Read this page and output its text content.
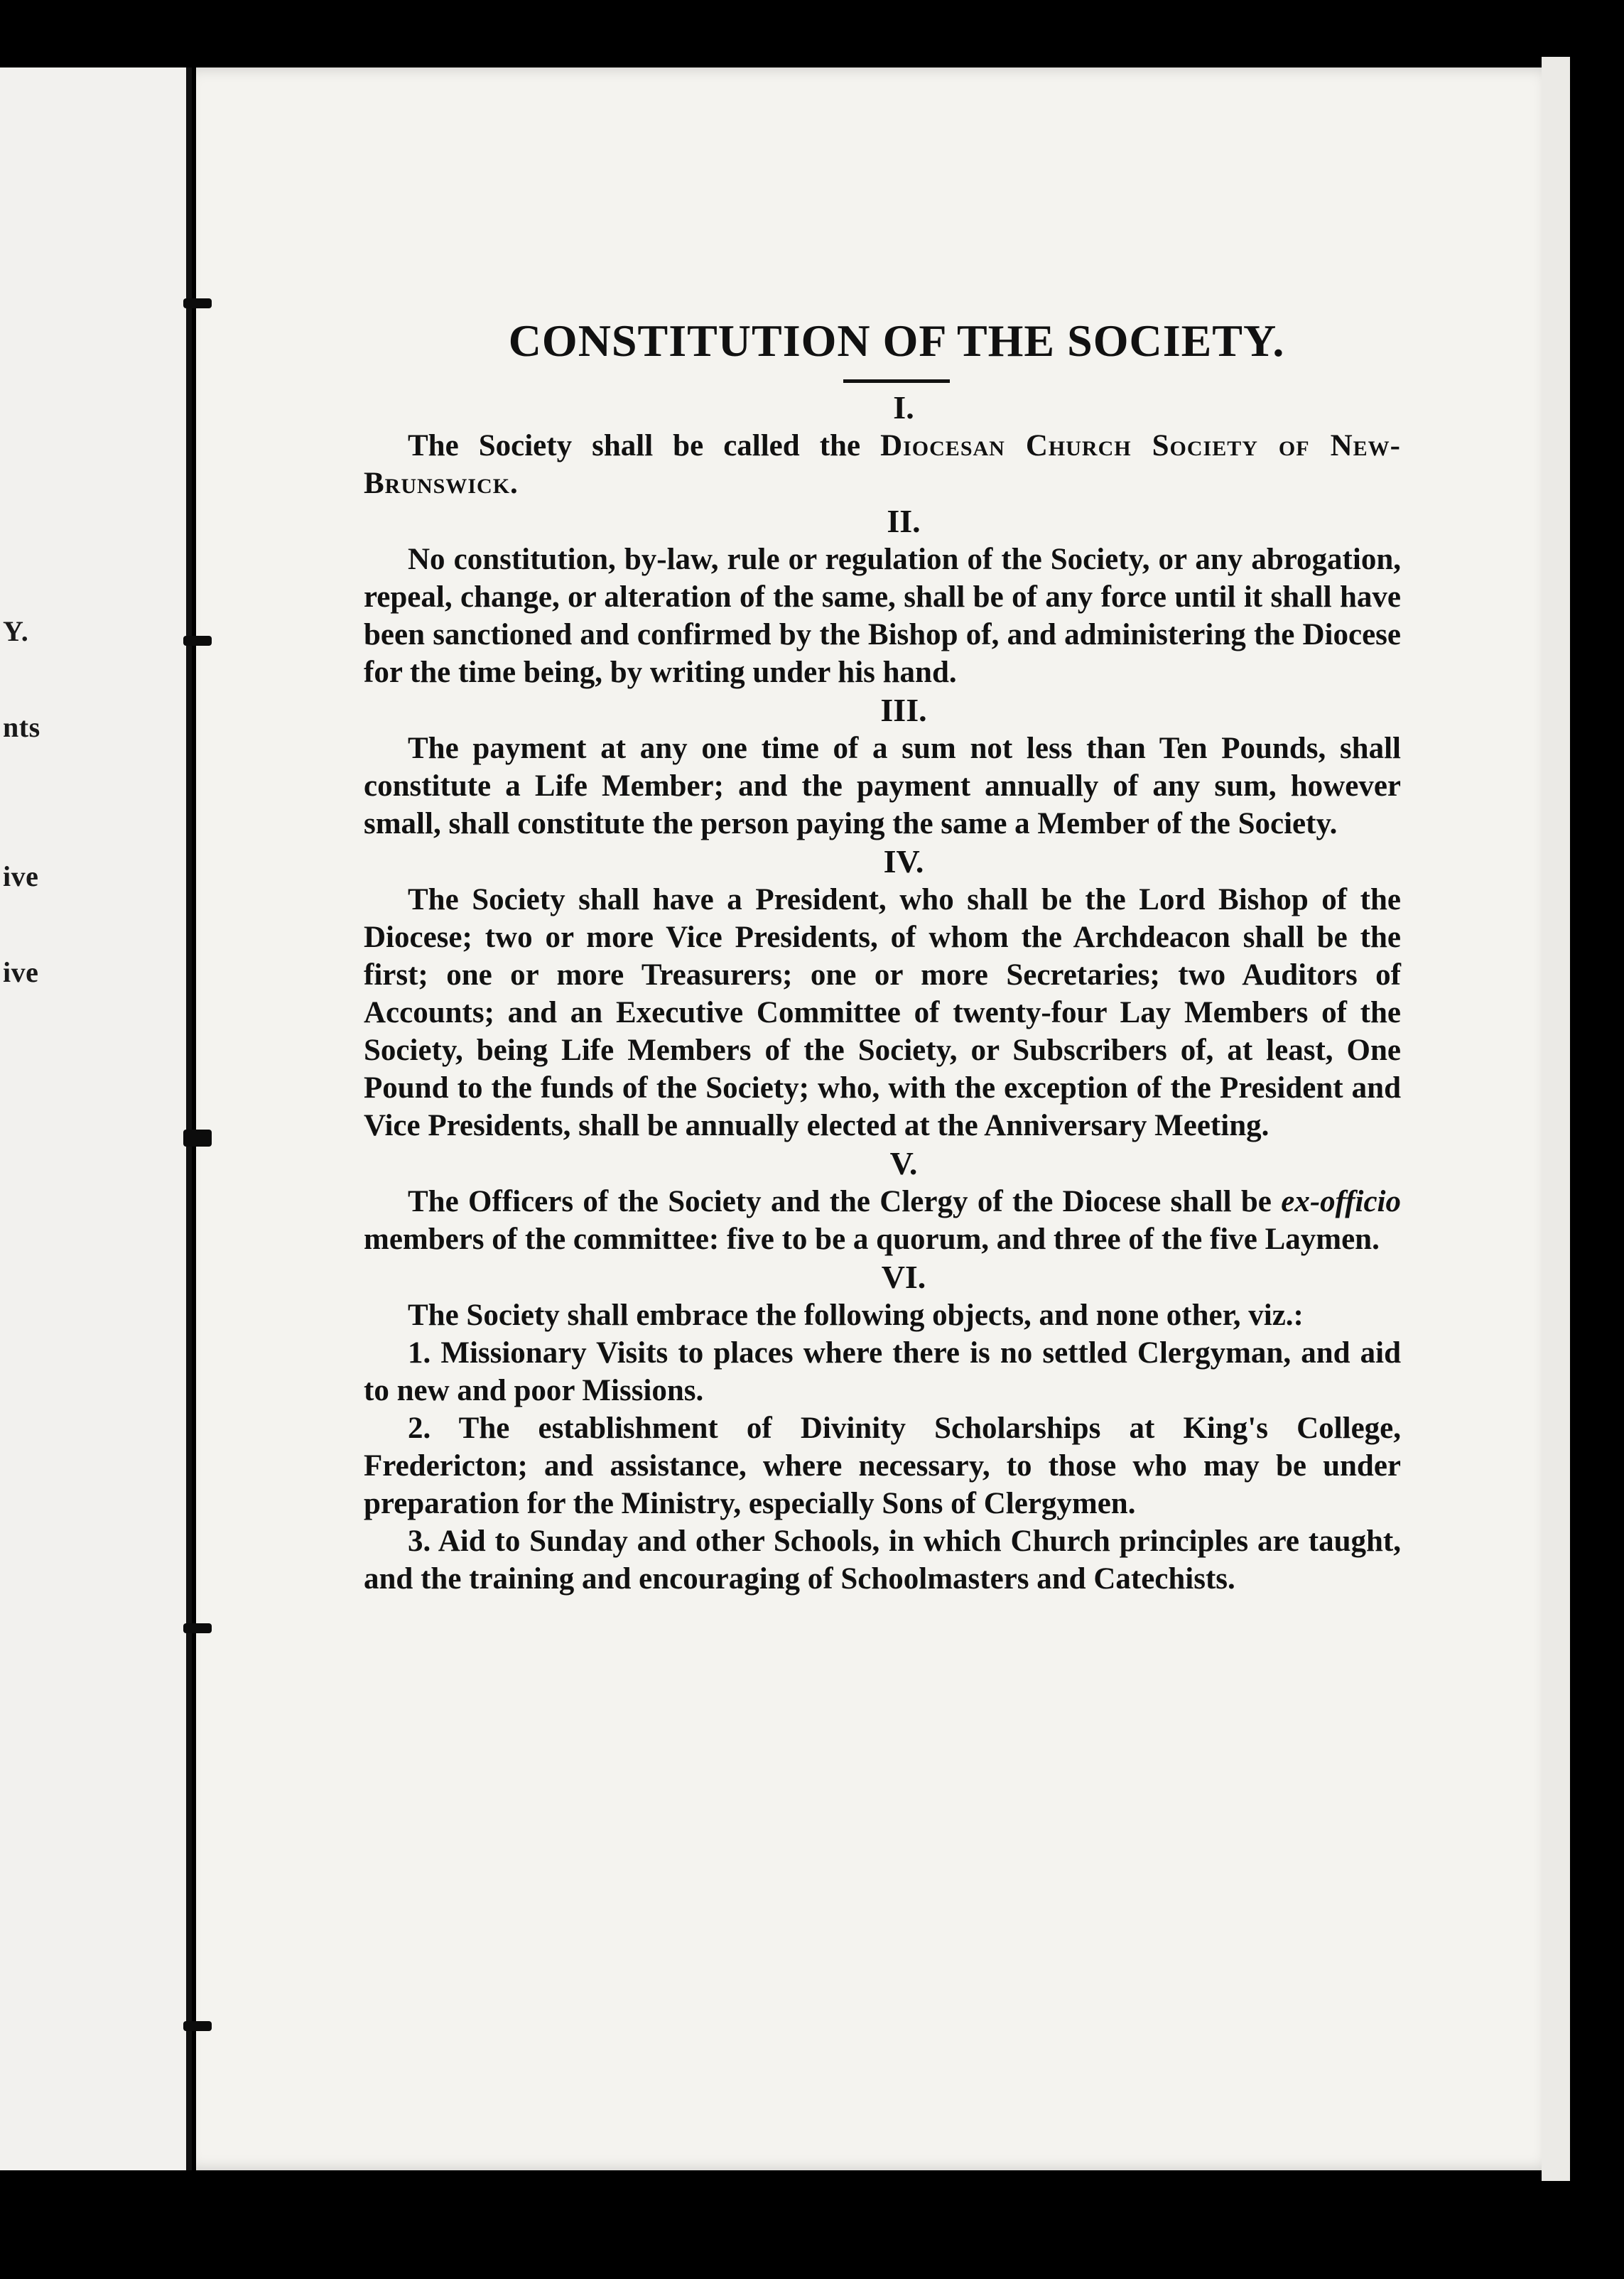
Y.
nts
ive
ive
CONSTITUTION OF THE SOCIETY.
I.
The Society shall be called the Diocesan Church Society of New-Brunswick.
II.
No constitution, by-law, rule or regulation of the Society, or any abrogation, repeal, change, or alteration of the same, shall be of any force until it shall have been sanctioned and confirmed by the Bishop of, and administering the Diocese for the time being, by writing under his hand.
III.
The payment at any one time of a sum not less than Ten Pounds, shall constitute a Life Member; and the payment annually of any sum, however small, shall constitute the person paying the same a Member of the Society.
IV.
The Society shall have a President, who shall be the Lord Bishop of the Diocese; two or more Vice Presidents, of whom the Archdeacon shall be the first; one or more Treasurers; one or more Secretaries; two Auditors of Accounts; and an Executive Committee of twenty-four Lay Members of the Society, being Life Members of the Society, or Subscribers of, at least, One Pound to the funds of the Society; who, with the exception of the President and Vice Presidents, shall be annually elected at the Anniversary Meeting.
V.
The Officers of the Society and the Clergy of the Diocese shall be ex-officio members of the committee: five to be a quorum, and three of the five Laymen.
VI.
The Society shall embrace the following objects, and none other, viz.:
1. Missionary Visits to places where there is no settled Clergyman, and aid to new and poor Missions.
2. The establishment of Divinity Scholarships at King's College, Fredericton; and assistance, where necessary, to those who may be under preparation for the Ministry, especially Sons of Clergymen.
3. Aid to Sunday and other Schools, in which Church principles are taught, and the training and encouraging of Schoolmasters and Catechists.
